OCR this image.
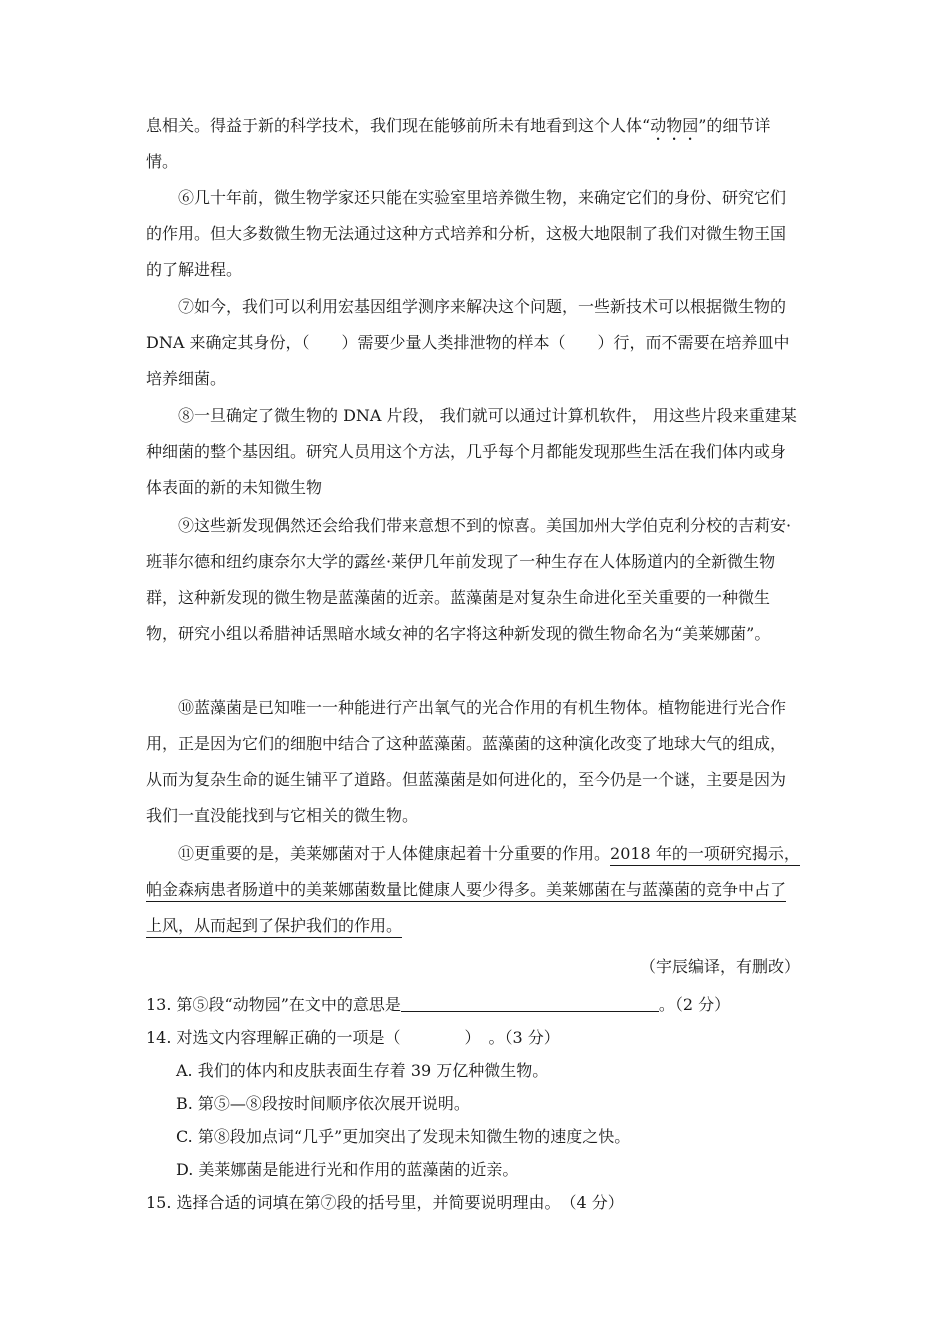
息相关。得益于新的科学技术，我们现在能够前所未有地看到这个人体“动物园”的细节详情。

⑥几十年前，微生物学家还只能在实验室里培养微生物，来确定它们的身份、研究它们的作用。但大多数微生物无法通过这种方式培养和分析，这极大地限制了我们对微生物王国的了解进程。

⑦如今，我们可以利用宏基因组学测序来解决这个问题，一些新技术可以根据微生物的 DNA 来确定其身份，（　　）需要少量人类排泄物的样本（　　）行，而不需要在培养皿中培养细菌。

⑧一旦确定了微生物的 DNA 片段， 我们就可以通过计算机软件， 用这些片段来重建某种细菌的整个基因组。研究人员用这个方法，几乎每个月都能发现那些生活在我们体内或身体表面的新的未知微生物

⑨这些新发现偶然还会给我们带来意想不到的惊喜。美国加州大学伯克利分校的吉莉安·班菲尔德和纽约康奈尔大学的露丝·莱伊几年前发现了一种生存在人体肠道内的全新微生物群，这种新发现的微生物是蓝藻菌的近亲。蓝藻菌是对复杂生命进化至关重要的一种微生物，研究小组以希腊神话黑暗水域女神的名字将这种新发现的微生物命名为“美莱娜菌”。

⑩蓝藻菌是已知唯一一种能进行产出氧气的光合作用的有机生物体。植物能进行光合作用，正是因为它们的细胞中结合了这种蓝藻菌。蓝藻菌的这种演化改变了地球大气的组成，从而为复杂生命的诞生铺平了道路。但蓝藻菌是如何进化的，至今仍是一个谜，主要是因为我们一直没能找到与它相关的微生物。

⑪更重要的是，美莱娜菌对于人体健康起着十分重要的作用。2018 年的一项研究揭示，帕金森病患者肠道中的美莱娜菌数量比健康人要少得多。美莱娜菌在与蓝藻菌的竞争中占了上风，从而起到了保护我们的作用。

（宇辰编译，有删改）
13. 第⑤段“动物园”在文中的意思是	。（2 分）
14. 对选文内容理解正确的一项是（　　　　）　。（3 分）
A. 我们的体内和皮肤表面生存着 39 万亿种微生物。
B. 第⑤—⑧段按时间顺序依次展开说明。
C. 第⑧段加点词“几乎”更加突出了发现未知微生物的速度之快。
D. 美莱娜菌是能进行光和作用的蓝藻菌的近亲。
15. 选择合适的词填在第⑦段的括号里，并简要说明理由。　（4 分）
